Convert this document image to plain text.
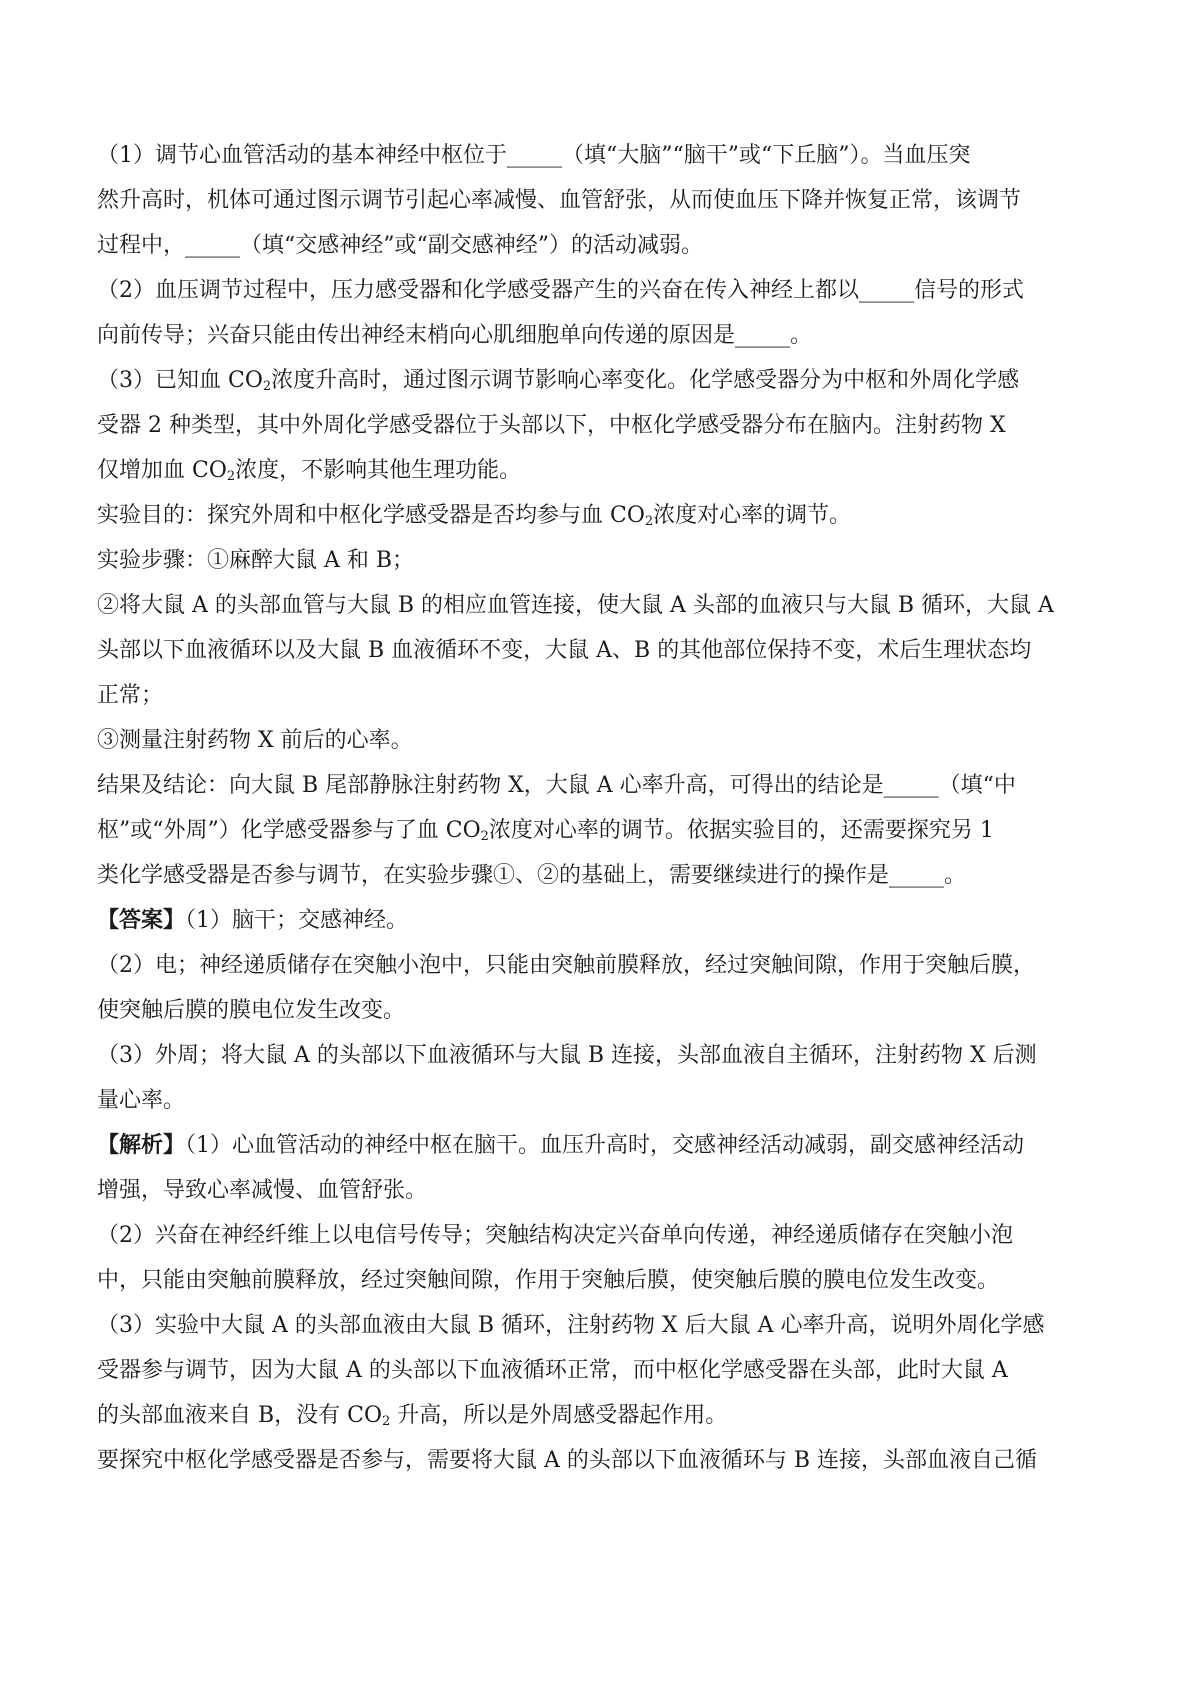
（1）调节心血管活动的基本神经中枢位于_____（填“大脑”“脑干”或“下丘脑”）。当血压突

然升高时，机体可通过图示调节引起心率减慢、血管舒张，从而使血压下降并恢复正常，该调节

过程中，_____（填“交感神经”或“副交感神经”）的活动减弱。

（2）血压调节过程中，压力感受器和化学感受器产生的兴奋在传入神经上都以_____信号的形式

向前传导；兴奋只能由传出神经末梢向心肌细胞单向传递的原因是_____。

（3）已知血 $CO_2$浓度升高时，通过图示调节影响心率变化。化学感受器分为中枢和外周化学感

受器 2 种类型，其中外周化学感受器位于头部以下，中枢化学感受器分布在脑内。注射药物 X

仅增加血 $CO_2$浓度，不影响其他生理功能。

实验目的：探究外周和中枢化学感受器是否均参与血 $CO_2$浓度对心率的调节。

实验步骤：①麻醉大鼠 A 和 B；

②将大鼠 A 的头部血管与大鼠 B 的相应血管连接，使大鼠 A 头部的血液只与大鼠 B 循环，大鼠 A

头部以下血液循环以及大鼠 B 血液循环不变，大鼠 A、B 的其他部位保持不变，术后生理状态均

正常；

③测量注射药物 X 前后的心率。

结果及结论：向大鼠 B 尾部静脉注射药物 X，大鼠 A 心率升高，可得出的结论是_____（填“中

枢”或“外周”）化学感受器参与了血 $CO_2$浓度对心率的调节。依据实验目的，还需要探究另 1

类化学感受器是否参与调节，在实验步骤①、②的基础上，需要继续进行的操作是_____。

【答案】（1）脑干；交感神经。

（2）电；神经递质储存在突触小泡中，只能由突触前膜释放，经过突触间隙，作用于突触后膜，

使突触后膜的膜电位发生改变。

（3）外周；将大鼠 A 的头部以下血液循环与大鼠 B 连接，头部血液自主循环，注射药物 X 后测

量心率。

【解析】（1）心血管活动的神经中枢在脑干。血压升高时，交感神经活动减弱，副交感神经活动

增强，导致心率减慢、血管舒张。

（2）兴奋在神经纤维上以电信号传导；突触结构决定兴奋单向传递，神经递质储存在突触小泡

中，只能由突触前膜释放，经过突触间隙，作用于突触后膜，使突触后膜的膜电位发生改变。

（3）实验中大鼠 A 的头部血液由大鼠 B 循环，注射药物 X 后大鼠 A 心率升高，说明外周化学感

受器参与调节，因为大鼠 A 的头部以下血液循环正常，而中枢化学感受器在头部，此时大鼠 A

的头部血液来自 B，没有 $CO_2$ 升高，所以是外周感受器起作用。

要探究中枢化学感受器是否参与，需要将大鼠 A 的头部以下血液循环与 B 连接，头部血液自己循
